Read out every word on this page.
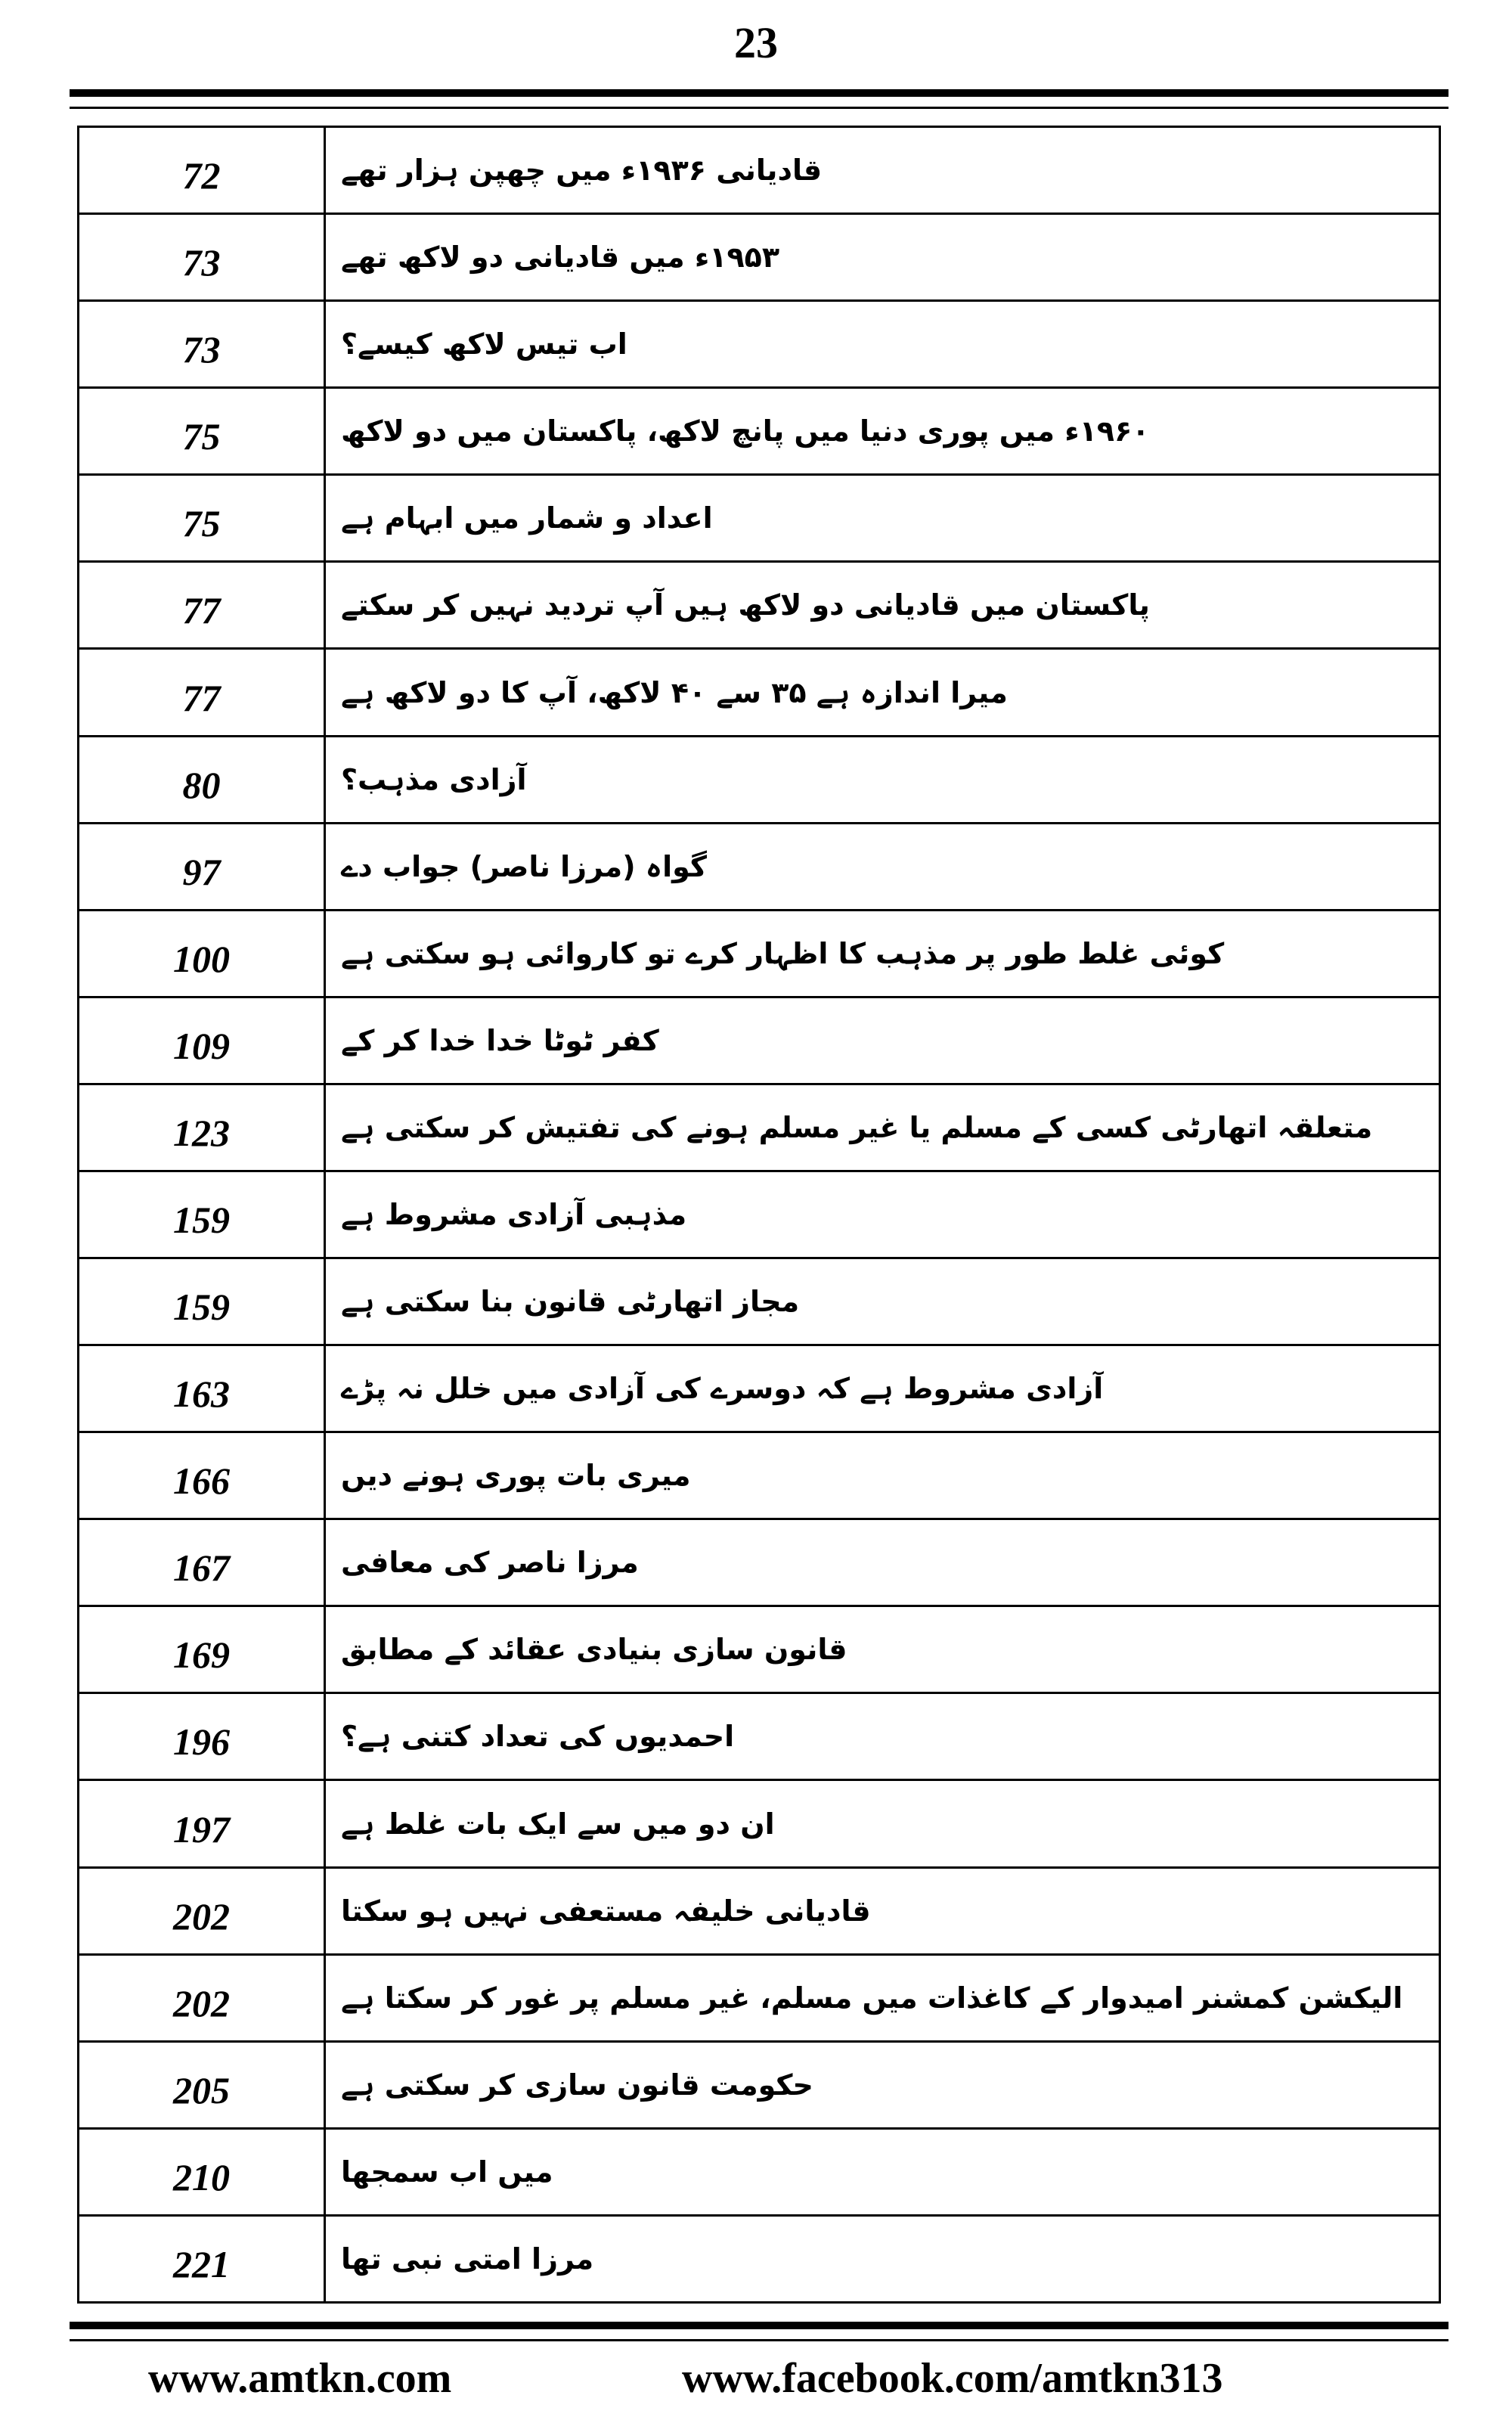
23
72	قادیانی ۱۹۳۶ء میں چھپن ہزار تھے
73	۱۹۵۳ء میں قادیانی دو لاکھ تھے
73	اب تیس لاکھ کیسے؟
75	۱۹۶۰ء میں پوری دنیا میں پانچ لاکھ، پاکستان میں دو لاکھ
75	اعداد و شمار میں ابہام ہے
77	پاکستان میں قادیانی دو لاکھ ہیں آپ تردید نہیں کر سکتے
77	میرا اندازہ ہے ۳۵ سے ۴۰ لاکھ، آپ کا دو لاکھ ہے
80	آزادی مذہب؟
97	گواہ (مرزا ناصر) جواب دے
100	کوئی غلط طور پر مذہب کا اظہار کرے تو کاروائی ہو سکتی ہے
109	کفر ٹوٹا خدا خدا کر کے
123	متعلقہ اتھارٹی کسی کے مسلم یا غیر مسلم ہونے کی تفتیش کر سکتی ہے
159	مذہبی آزادی مشروط ہے
159	مجاز اتھارٹی قانون بنا سکتی ہے
163	آزادی مشروط ہے کہ دوسرے کی آزادی میں خلل نہ پڑے
166	میری بات پوری ہونے دیں
167	مرزا ناصر کی معافی
169	قانون سازی بنیادی عقائد کے مطابق
196	احمدیوں کی تعداد کتنی ہے؟
197	ان دو میں سے ایک بات غلط ہے
202	قادیانی خلیفہ مستعفی نہیں ہو سکتا
202	الیکشن کمشنر امیدوار کے کاغذات میں مسلم، غیر مسلم پر غور کر سکتا ہے
205	حکومت قانون سازی کر سکتی ہے
210	میں اب سمجھا
221	مرزا امتی نبی تھا
www.amtkn.com	www.facebook.com/amtkn313
